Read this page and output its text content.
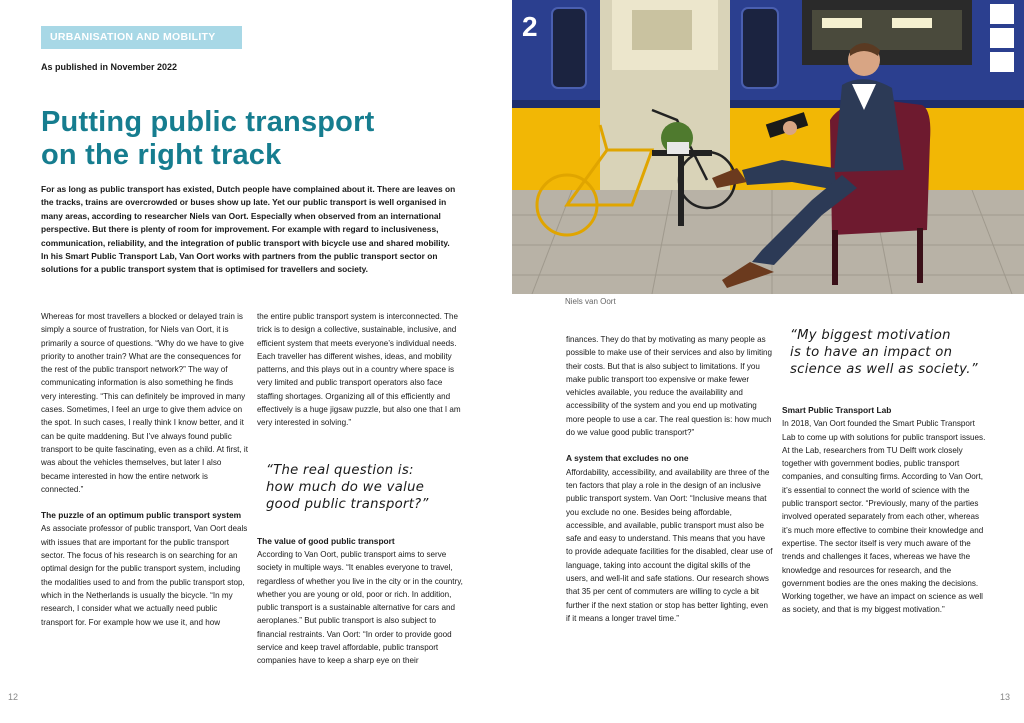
URBANISATION AND MOBILITY
As published in November 2022
Putting public transport
on the right track

For as long as public transport has existed, Dutch people have complained about it. There are leaves on the tracks, trains are overcrowded or buses show up late. Yet our public transport is well organised in many areas, according to researcher Niels van Oort. Especially when observed from an international perspective. But there is plenty of room for improvement. For example with regard to inclusiveness, communication, reliability, and the integration of public transport with bicycle use and shared mobility. In his Smart Public Transport Lab, Van Oort works with partners from the public transport sector on solutions for a public transport system that is optimised for travellers and society.

Whereas for most travellers a blocked or delayed train is simply a source of frustration, for Niels van Oort, it is primarily a source of questions. “Why do we have to give priority to another train? What are the consequences for the rest of the public transport network?” The way of communicating information is also something he finds very interesting. “This can definitely be improved in many cases. Sometimes, I feel an urge to give them advice on the spot. In such cases, I really think I know better, and it can be quite maddening. But I’ve always found public transport to be quite fascinating, even as a child. At first, it was about the vehicles themselves, but later I also became interested in how the entire network is connected.”

The puzzle of an optimum public transport system

As associate professor of public transport, Van Oort deals with issues that are important for the public transport sector. The focus of his research is on searching for an optimal design for the public transport system, including the modalities used to and from the public transport stop, which in the Netherlands is usually the bicycle. “In my research, I consider what we actually need public transport for. For example how we use it, and how

the entire public transport system is interconnected. The trick is to design a collective, sustainable, inclusive, and efficient system that meets everyone’s individual needs. Each traveller has different wishes, ideas, and mobility patterns, and this plays out in a country where space is very limited and public transport operators also face staffing shortages. Organizing all of this efficiently and effectively is a huge jigsaw puzzle, but also one that I am very interested in solving.”

The value of good public transport

According to Van Oort, public transport aims to serve society in multiple ways. “It enables everyone to travel, regardless of whether you live in the city or in the country, whether you are young or old, poor or rich. In addition, public transport is a sustainable alternative for cars and aeroplanes.” But public transport is also subject to financial restraints. Van Oort: “In order to provide good service and keep travel affordable, public transport companies have to keep a sharp eye on their

“The real question is:
how much do we value
good public transport?”
12
2
Niels van Oort
“My biggest motivation
is to have an impact on
science as well as society.”

finances. They do that by motivating as many people as possible to make use of their services and also by limiting their costs. But that is also subject to limitations. If you make public transport too expensive or make fewer vehicles available, you reduce the availability and accessibility of the system and you end up motivating more people to use a car. The real question is: how much do we value good public transport?”

A system that excludes no one

Affordability, accessibility, and availability are three of the ten factors that play a role in the design of an inclusive public transport system. Van Oort: “Inclusive means that you exclude no one. Besides being affordable, accessible, and available, public transport must also be safe and easy to understand. This means that you have to provide adequate facilities for the disabled, clear use of language, taking into account the digital skills of the users, and well-lit and safe stations. Our research shows that 35 per cent of commuters are willing to cycle a bit further if the next station or stop has better lighting, even if it means a longer travel time.”

Smart Public Transport Lab

In 2018, Van Oort founded the Smart Public Transport Lab to come up with solutions for public transport issues. At the Lab, researchers from TU Delft work closely together with government bodies, public transport companies, and consulting firms. According to Van Oort, it’s essential to connect the world of science with the public transport sector. “Previously, many of the parties involved operated separately from each other, whereas it’s much more effective to combine their knowledge and expertise. The sector itself is very much aware of the trends and challenges it faces, whereas we have the knowledge and resources for research, and the government bodies are the ones making the decisions. Working together, we have an impact on science as well as society, and that is my biggest motivation.”

13
